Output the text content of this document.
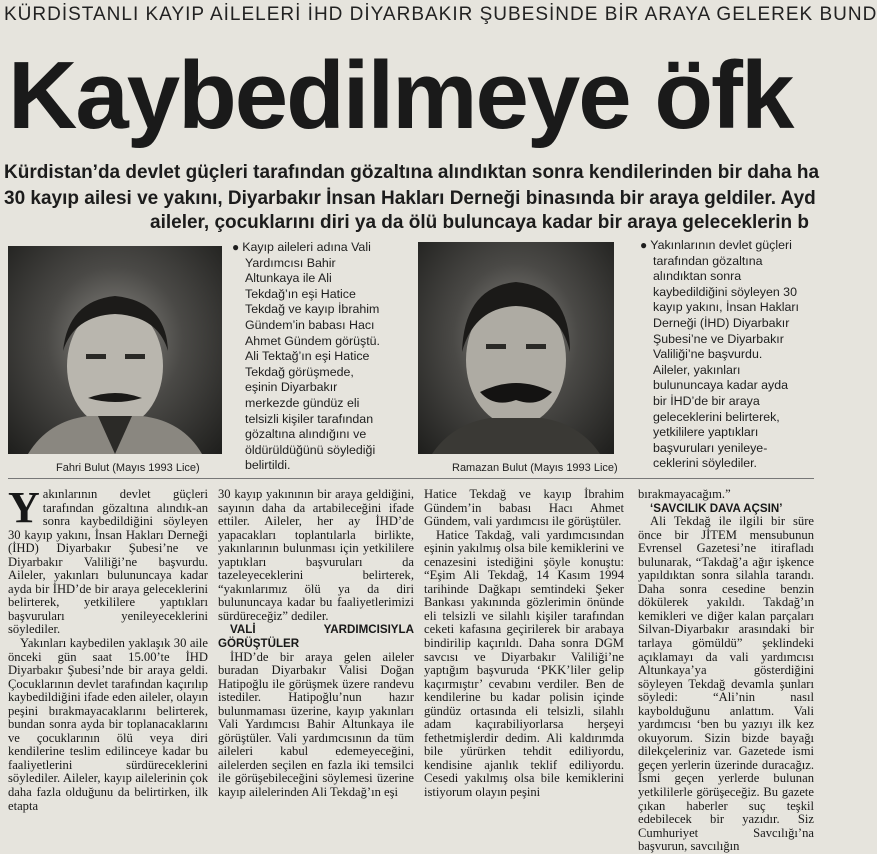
KÜRDİSTANLI KAYIP AİLELERİ İHD DİYARBAKIR ŞUBESİNDE BİR ARAYA GELEREK BUND
Kaybedilmeye öfk
Kürdistan’da devlet güçleri tarafından gözaltına alındıktan sonra kendilerinden bir daha ha
30 kayıp ailesi ve yakını, Diyarbakır İnsan Hakları Derneği binasında bir araya geldiler. Ayd
aileler, çocuklarını diri ya da ölü buluncaya kadar bir araya geleceklerin b
Fahri Bulut (Mayıs 1993 Lice)
● Kayıp aileleri adına Vali
Yardımcısı Bahir
Altunkaya ile Ali
Tekdağ’ın eşi Hatice
Tekdağ ve kayıp İbrahim
Gündem’in babası Hacı
Ahmet Gündem görüştü.
Ali Tektağ’ın eşi Hatice
Tekdağ görüşmede,
eşinin Diyarbakır
merkezde gündüz eli
telsizli kişiler tarafından
gözaltına alındığını ve
öldürüldüğünü söylediği
belirtildi.	Ramazan Bulut (Mayıs 1993 Lice)
● Yakınlarının devlet güçleri
tarafından gözaltına
alındıktan sonra
kaybedildiğini söyleyen 30
kayıp yakını, İnsan Hakları
Derneği (İHD) Diyarbakır
Şubesi’ne ve Diyarbakır
Valiliği’ne başvurdu.
Aileler, yakınları
bulununcaya kadar ayda
bir İHD’de bir araya
geleceklerini belirterek,
yetkililere yaptıkları
başvuruları yenileye-
ceklerini söylediler.

Yakınlarının devlet güçleri tarafından gözaltına alındık-an sonra kaybedildiğini söyleyen 30 kayıp yakını, İnsan Hakları Derneği (İHD) Diyarbakır Şubesi’ne ve Diyarbakır Valiliği’ne başvurdu. Aileler, yakınları bulununcaya kadar ayda bir İHD’de bir araya geleceklerini belirterek, yetkililere yaptıkları başvuruları yenileyeceklerini söylediler.

Yakınları kaybedilen yaklaşık 30 aile önceki gün saat 15.00’te İHD Diyarbakır Şubesi’nde bir araya geldi. Çocuklarının devlet tarafından kaçırılıp kaybedildiğini ifade eden aileler, olayın peşini bırakmayacaklarını belirterek, bundan sonra ayda bir toplanacaklarını ve çocuklarının ölü veya diri kendilerine teslim edilinceye kadar bu faaliyetlerini sürdüreceklerini söylediler. Aileler, kayıp ailelerinin çok daha fazla olduğunu da belirtirken, ilk etapta

30 kayıp yakınının bir araya geldiğini, sayının daha da artabileceğini ifade ettiler. Aileler, her ay İHD’de yapacakları toplantılarla birlikte, yakınlarının bulunması için yetkililere yaptıkları başvuruları da tazeleyeceklerini belirterek, “yakınlarımız ölü ya da diri bulununcaya kadar bu faaliyetlerimizi sürdüreceğiz” dediler.

VALİ YARDIMCISIYLA GÖRÜŞTÜLER

İHD’de bir araya gelen aileler buradan Diyarbakır Valisi Doğan Hatipoğlu ile görüşmek üzere randevu istediler. Hatipoğlu’nun hazır bulunmaması üzerine, kayıp yakınları Vali Yardımcısı Bahir Altunkaya ile görüştüler. Vali yardımcısının da tüm aileleri kabul edemeyeceğini, ailelerden seçilen en fazla iki temsilci ile görüşebileceğini söylemesi üzerine kayıp ailelerinden Ali Tekdağ’ın eşi

Hatice Tekdağ ve kayıp İbrahim Gündem’in babası Hacı Ahmet Gündem, vali yardımcısı ile görüştüler.

Hatice Takdağ, vali yardımcısından eşinin yakılmış olsa bile kemiklerini ve cenazesini istediğini şöyle konuştu: “Eşim Ali Tekdağ, 14 Kasım 1994 tarihinde Dağkapı semtindeki Şeker Bankası yakınında gözlerimin önünde eli telsizli ve silahlı kişiler tarafından ceketi kafasına geçirilerek bir arabaya bindirilip kaçırıldı. Daha sonra DGM savcısı ve Diyarbakır Valiliği’ne yaptığım başvuruda ‘PKK’liler gelip kaçırmıştır’ cevabını verdiler. Ben de kendilerine bu kadar polisin içinde gündüz ortasında eli telsizli, silahlı adam kaçırabiliyorlarsa herşeyi fethetmişlerdir dedim. Ali kaldırımda bile yürürken tehdit ediliyordu, kendisine ajanlık teklif ediliyordu. Cesedi yakılmış olsa bile kemiklerini istiyorum olayın peşini

bırakmayacağım.”

‘SAVCILIK DAVA AÇSIN’

Ali Tekdağ ile ilgili bir süre önce bir JİTEM mensubunun Evrensel Gazetesi’ne itirafladı bulunarak, “Takdağ’a ağır işkence yapıldıktan sonra silahla tarandı. Daha sonra cesedine benzin dökülerek yakıldı. Takdağ’ın kemikleri ve diğer kalan parçaları Silvan-Diyarbakır arasındaki bir tarlaya gömüldü” şeklindeki açıklamayı da vali yardımcısı Altunkaya’ya gösterdiğini söyleyen Tekdağ devamla şunları söyledi: “Ali’nin nasıl kaybolduğunu anlattım. Vali yardımcısı ‘ben bu yazıyı ilk kez okuyorum. Sizin bizde bayağı dilekçeleriniz var. Gazetede ismi geçen yerlerin üzerinde duracağız. İsmi geçen yerlerde bulunan yetkililerle görüşeceğiz. Bu gazete çıkan haberler suç teşkil edebilecek bir yazıdır. Siz Cumhuriyet Savcılığı’na başvurun, savcılığın
